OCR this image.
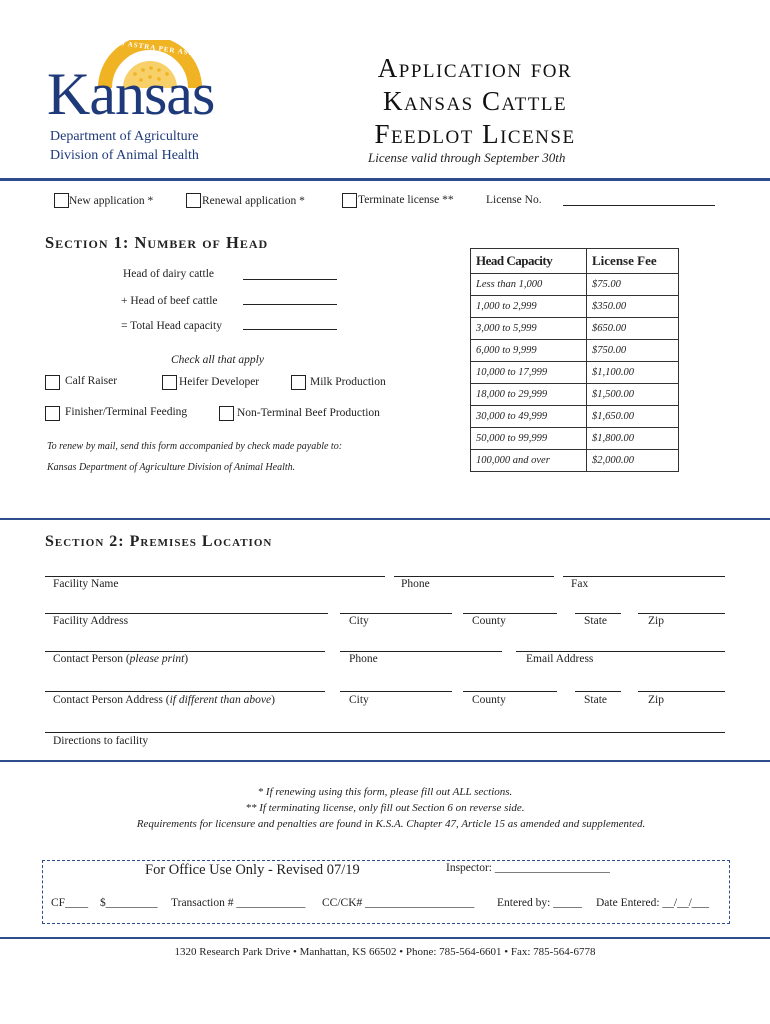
AD ASTRA PER ASPERA
Kansas
Department of Agriculture
Division of Animal Health
Application for
Kansas Cattle
Feedlot License
License valid through September 30th
New application *	Renewal application *	Terminate license **	License No.
Section 1: Number of Head
Head of dairy cattle
+ Head of beef cattle
= Total Head capacity
Check all that apply
Calf Raiser	Heifer Developer	Milk Production
Finisher/Terminal Feeding	Non-Terminal Beef Production
To renew by mail, send this form accompanied by check made payable to:
Kansas Department of Agriculture Division of Animal Health.
Head Capacity	License Fee
Less than 1,000	$75.00
1,000 to 2,999	$350.00
3,000 to 5,999	$650.00
6,000 to 9,999	$750.00
10,000 to 17,999	$1,100.00
18,000 to 29,999	$1,500.00
30,000 to 49,999	$1,650.00
50,000 to 99,999	$1,800.00
100,000 and over	$2,000.00
Section 2: Premises Location
Facility Name	Phone	Fax
Facility Address	City	County	State	Zip
Contact Person (please print)	Phone	Email Address
Contact Person Address (if different than above)	City	County	State	Zip
Directions to facility
* If renewing using this form, please fill out ALL sections.
** If terminating license, only fill out Section 6 on reverse side.
Requirements for licensure and penalties are found in K.S.A. Chapter 47, Article 15 as amended and supplemented.
For Office Use Only - Revised 07/19	Inspector: ____________________
CF____ $_________ Transaction # ____________ CC/CK# ___________________ Entered by: _____ Date Entered: __/__/___
1320 Research Park Drive • Manhattan, KS 66502 • Phone: 785-564-6601 • Fax: 785-564-6778
